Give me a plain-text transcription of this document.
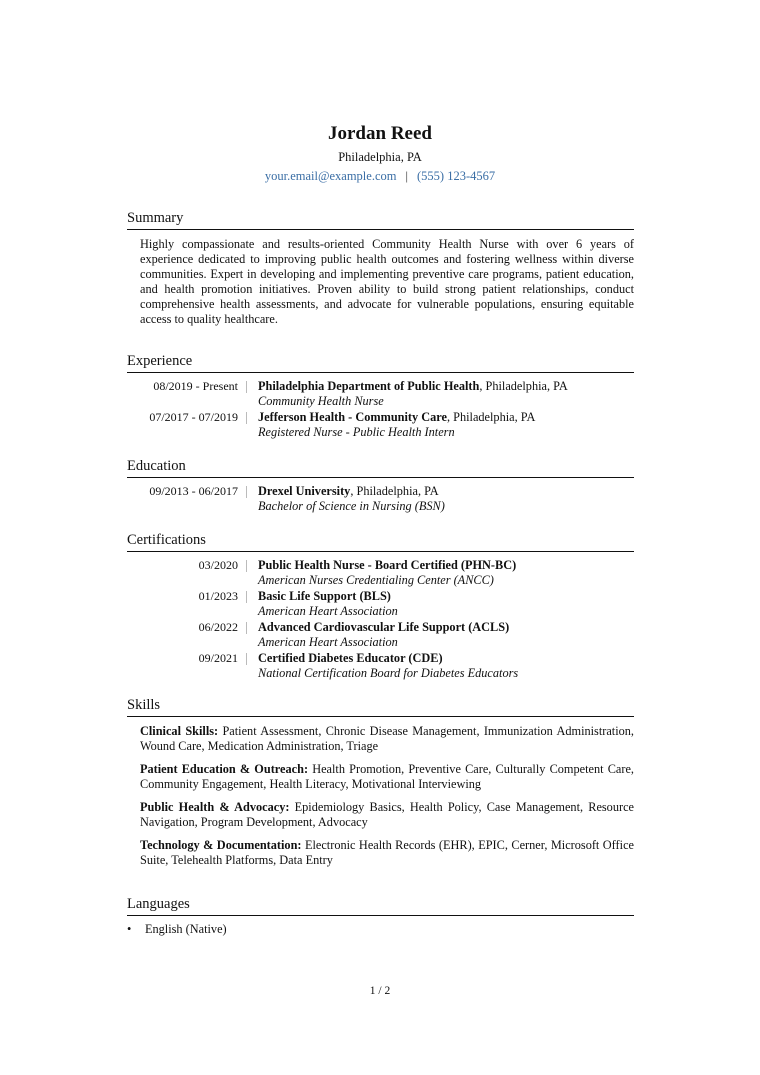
Jordan Reed
Philadelphia, PA
your.email@example.com | (555) 123-4567
Summary
Highly compassionate and results-oriented Community Health Nurse with over 6 years of experience dedicated to improving public health outcomes and fostering wellness within diverse communities. Expert in developing and implementing preventive care programs, patient education, and health promotion initiatives. Proven ability to build strong patient relationships, conduct comprehensive health assessments, and advocate for vulnerable populations, ensuring equitable access to quality healthcare.
Experience
08/2019 - Present Philadelphia Department of Public Health, Philadelphia, PA
Community Health Nurse
07/2017 - 07/2019 Jefferson Health - Community Care, Philadelphia, PA
Registered Nurse - Public Health Intern
Education
09/2013 - 06/2017 Drexel University, Philadelphia, PA
Bachelor of Science in Nursing (BSN)
Certifications
03/2020 Public Health Nurse - Board Certified (PHN-BC)
American Nurses Credentialing Center (ANCC)
01/2023 Basic Life Support (BLS)
American Heart Association
06/2022 Advanced Cardiovascular Life Support (ACLS)
American Heart Association
09/2021 Certified Diabetes Educator (CDE)
National Certification Board for Diabetes Educators
Skills
Clinical Skills: Patient Assessment, Chronic Disease Management, Immunization Administration, Wound Care, Medication Administration, Triage
Patient Education & Outreach: Health Promotion, Preventive Care, Culturally Competent Care, Community Engagement, Health Literacy, Motivational Interviewing
Public Health & Advocacy: Epidemiology Basics, Health Policy, Case Management, Resource Navigation, Program Development, Advocacy
Technology & Documentation: Electronic Health Records (EHR), EPIC, Cerner, Microsoft Office Suite, Telehealth Platforms, Data Entry
Languages
• English (Native)
1 / 2
